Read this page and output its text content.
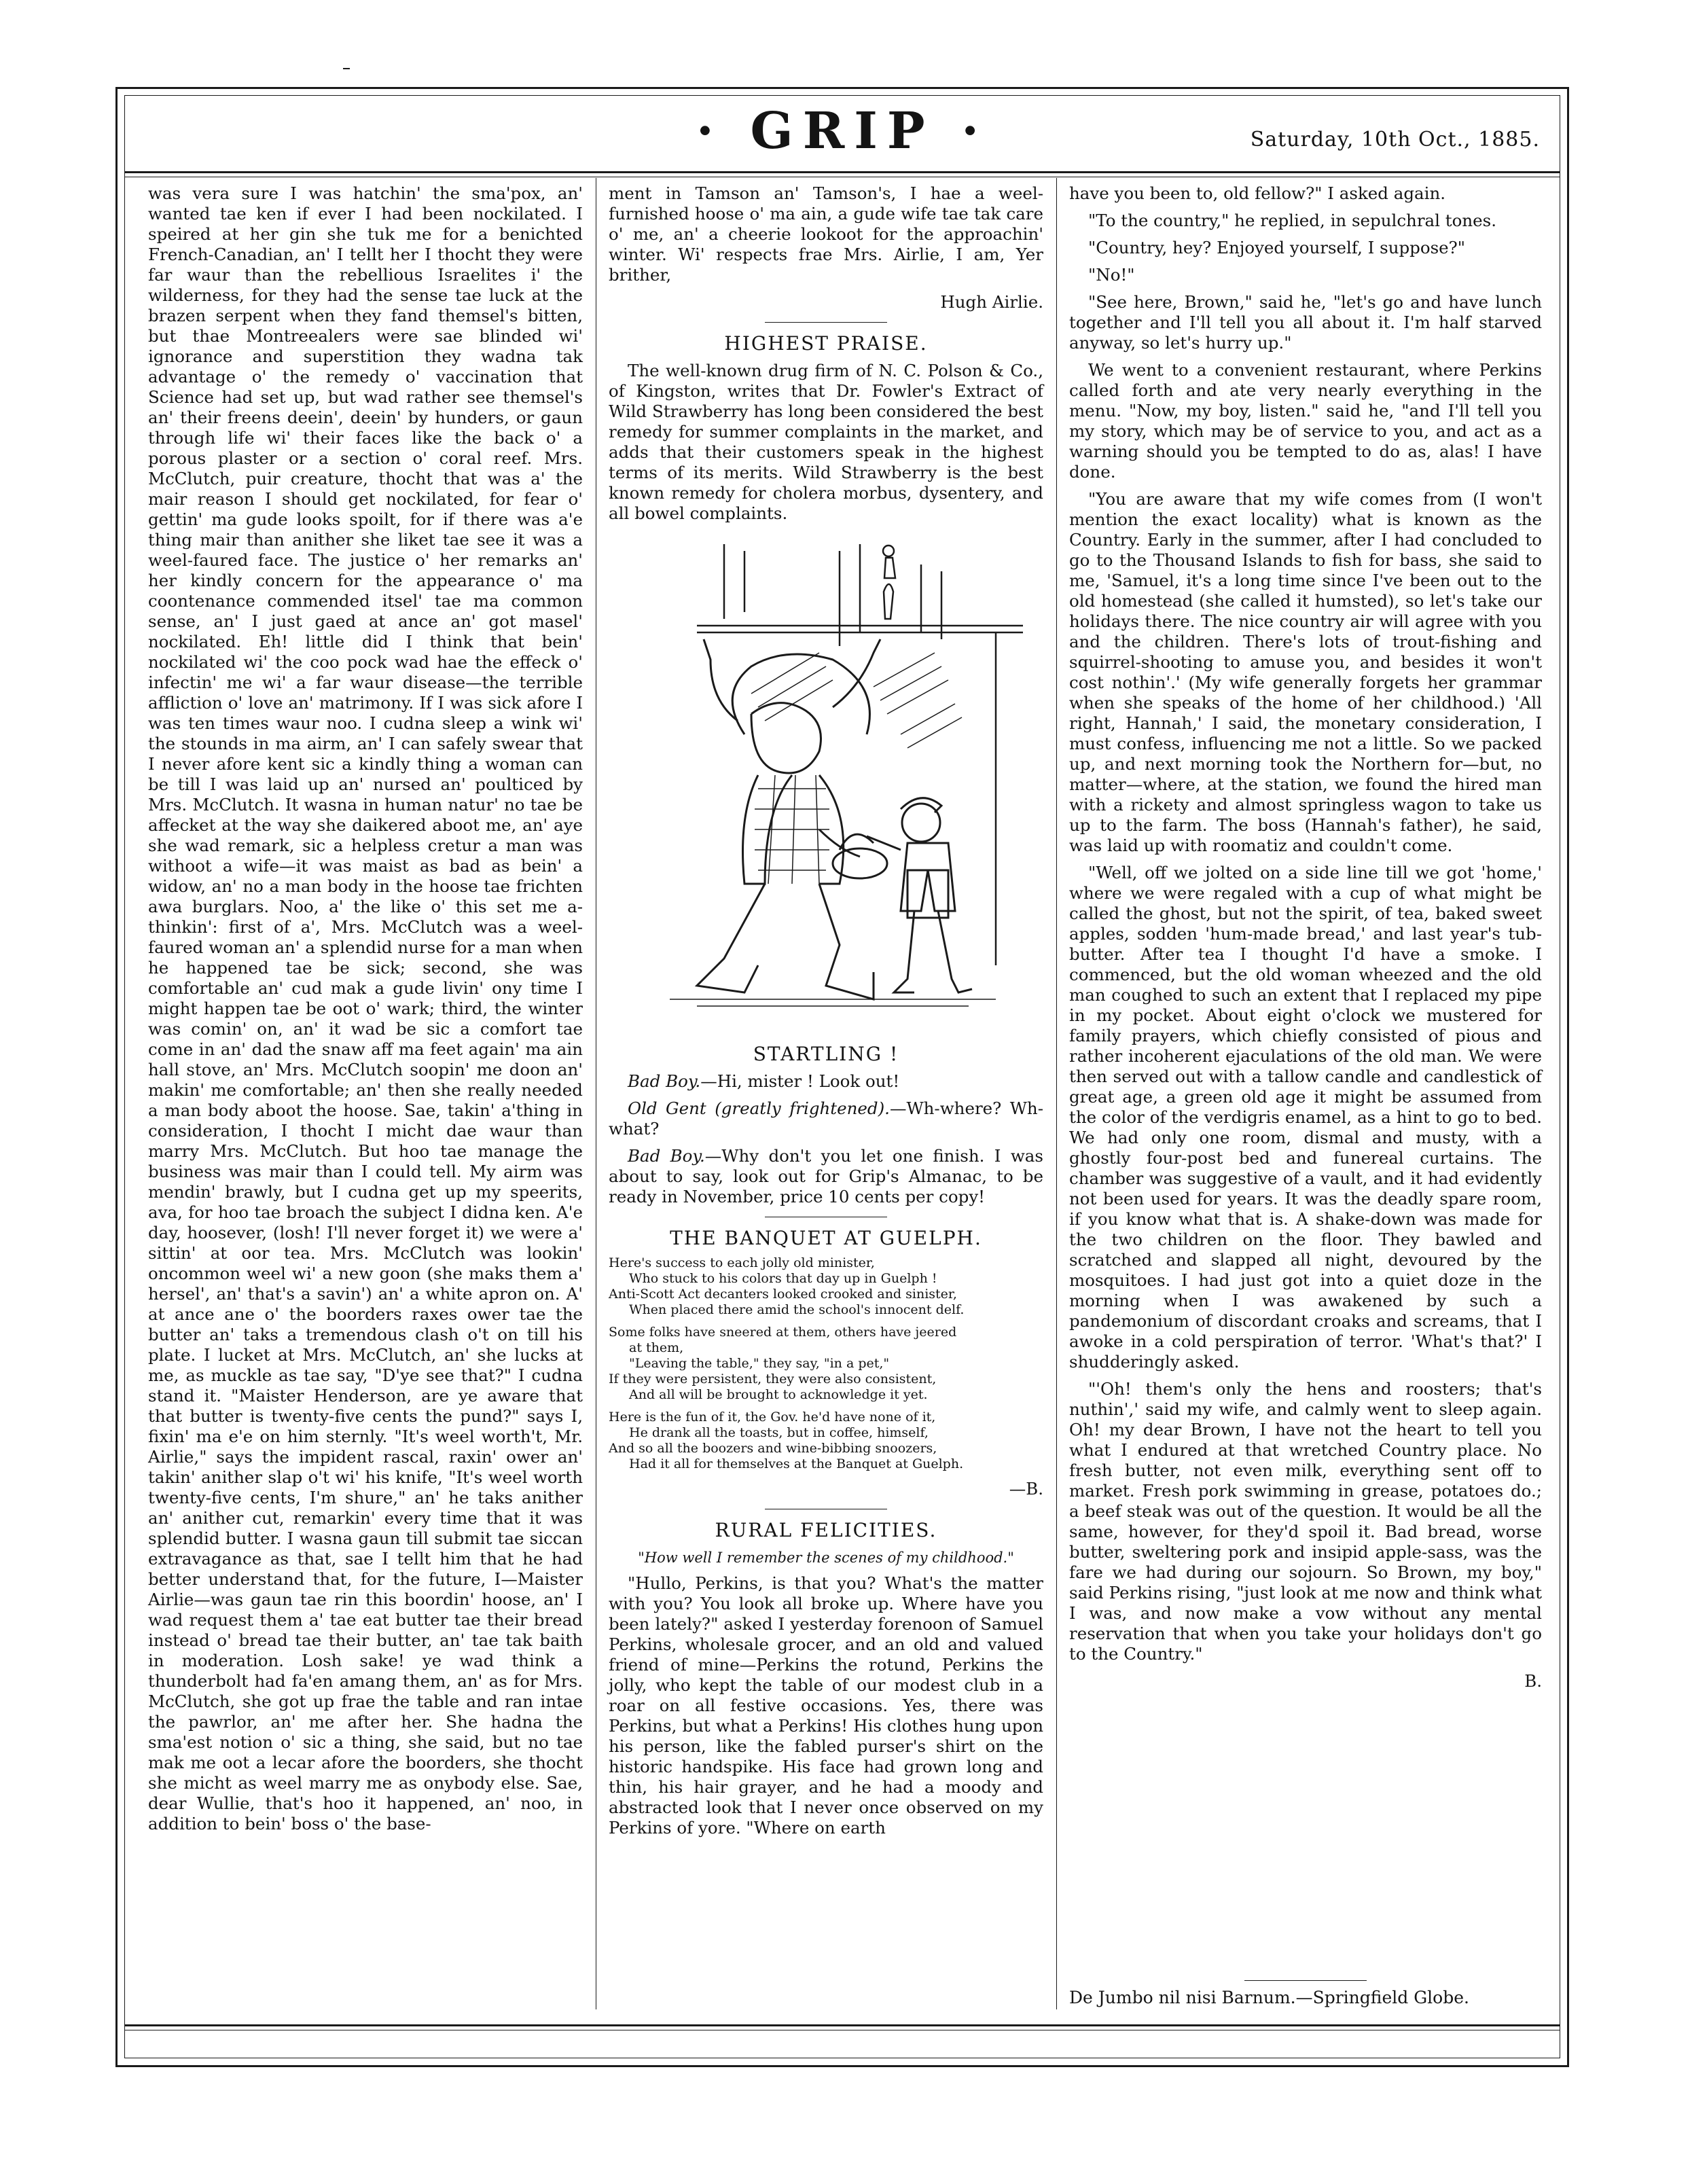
· GRIP ·	Saturday, 10th Oct., 1885.

was vera sure I was hatchin' the sma'pox, an' wanted tae ken if ever I had been nockilated. I speired at her gin she tuk me for a benichted French-Canadian, an' I tellt her I thocht they were far waur than the rebellious Israelites i' the wilderness, for they had the sense tae luck at the brazen serpent when they fand themsel's bitten, but thae Montreealers were sae blinded wi' ignorance and superstition they wadna tak advantage o' the remedy o' vaccination that Science had set up, but wad rather see themsel's an' their freens deein', deein' by hunders, or gaun through life wi' their faces like the back o' a porous plaster or a section o' coral reef. Mrs. McClutch, puir creature, thocht that was a' the mair reason I should get nockilated, for fear o' gettin' ma gude looks spoilt, for if there was a'e thing mair than anither she liket tae see it was a weel-faured face. The justice o' her remarks an' her kindly concern for the appearance o' ma coontenance commended itsel' tae ma common sense, an' I just gaed at ance an' got masel' nockilated. Eh! little did I think that bein' nockilated wi' the coo pock wad hae the effeck o' infectin' me wi' a far waur disease—the terrible affliction o' love an' matrimony. If I was sick afore I was ten times waur noo. I cudna sleep a wink wi' the stounds in ma airm, an' I can safely swear that I never afore kent sic a kindly thing a woman can be till I was laid up an' nursed an' poulticed by Mrs. McClutch. It wasna in human natur' no tae be affecket at the way she daikered aboot me, an' aye she wad remark, sic a helpless cretur a man was withoot a wife—it was maist as bad as bein' a widow, an' no a man body in the hoose tae frichten awa burglars. Noo, a' the like o' this set me a-thinkin': first of a', Mrs. McClutch was a weel-faured woman an' a splendid nurse for a man when he happened tae be sick; second, she was comfortable an' cud mak a gude livin' ony time I might happen tae be oot o' wark; third, the winter was comin' on, an' it wad be sic a comfort tae come in an' dad the snaw aff ma feet again' ma ain hall stove, an' Mrs. McClutch soopin' me doon an' makin' me comfortable; an' then she really needed a man body aboot the hoose. Sae, takin' a'thing in consideration, I thocht I micht dae waur than marry Mrs. McClutch. But hoo tae manage the business was mair than I could tell. My airm was mendin' brawly, but I cudna get up my speerits, ava, for hoo tae broach the subject I didna ken. A'e day, hoosever, (losh! I'll never forget it) we were a' sittin' at oor tea. Mrs. McClutch was lookin' oncommon weel wi' a new goon (she maks them a' hersel', an' that's a savin') an' a white apron on. A' at ance ane o' the boorders raxes ower tae the butter an' taks a tremendous clash o't on till his plate. I lucket at Mrs. McClutch, an' she lucks at me, as muckle as tae say, "D'ye see that?" I cudna stand it. "Maister Henderson, are ye aware that that butter is twenty-five cents the pund?" says I, fixin' ma e'e on him sternly. "It's weel worth't, Mr. Airlie," says the impident rascal, raxin' ower an' takin' anither slap o't wi' his knife, "It's weel worth twenty-five cents, I'm shure," an' he taks anither an' anither cut, remarkin' every time that it was splendid butter. I wasna gaun till submit tae siccan extravagance as that, sae I tellt him that he had better understand that, for the future, I—Maister Airlie—was gaun tae rin this boordin' hoose, an' I wad request them a' tae eat butter tae their bread instead o' bread tae their butter, an' tae tak baith in moderation. Losh sake! ye wad think a thunderbolt had fa'en amang them, an' as for Mrs. McClutch, she got up frae the table and ran intae the pawrlor, an' me after her. She hadna the sma'est notion o' sic a thing, she said, but no tae mak me oot a lecar afore the boorders, she thocht she micht as weel marry me as onybody else. Sae, dear Wullie, that's hoo it happened, an' noo, in addition to bein' boss o' the base-

ment in Tamson an' Tamson's, I hae a weel-furnished hoose o' ma ain, a gude wife tae tak care o' me, an' a cheerie lookoot for the approachin' winter. Wi' respects frae Mrs. Airlie, I am, Yer brither,

Hugh Airlie.
HIGHEST PRAISE.

The well-known drug firm of N. C. Polson & Co., of Kingston, writes that Dr. Fowler's Extract of Wild Strawberry has long been considered the best remedy for summer complaints in the market, and adds that their customers speak in the highest terms of its merits. Wild Strawberry is the best known remedy for cholera morbus, dysentery, and all bowel complaints.

STARTLING !

Bad Boy.—Hi, mister ! Look out!

Old Gent (greatly frightened).—Wh-where? Wh-what?

Bad Boy.—Why don't you let one finish. I was about to say, look out for Grip's Almanac, to be ready in November, price 10 cents per copy!

THE BANQUET AT GUELPH.
Here's success to each jolly old minister,
Who stuck to his colors that day up in Guelph !
Anti-Scott Act decanters looked crooked and sinister,
When placed there amid the school's innocent delf.
Some folks have sneered at them, others have jeered
at them,
"Leaving the table," they say, "in a pet,"
If they were persistent, they were also consistent,
And all will be brought to acknowledge it yet.
Here is the fun of it, the Gov. he'd have none of it,
He drank all the toasts, but in coffee, himself,
And so all the boozers and wine-bibbing snoozers,
Had it all for themselves at the Banquet at Guelph.
—B.
RURAL FELICITIES.
"How well I remember the scenes of my childhood."

"Hullo, Perkins, is that you? What's the matter with you? You look all broke up. Where have you been lately?" asked I yesterday forenoon of Samuel Perkins, wholesale grocer, and an old and valued friend of mine—Perkins the rotund, Perkins the jolly, who kept the table of our modest club in a roar on all festive occasions. Yes, there was Perkins, but what a Perkins! His clothes hung upon his person, like the fabled purser's shirt on the historic handspike. His face had grown long and thin, his hair grayer, and he had a moody and abstracted look that I never once observed on my Perkins of yore. "Where on earth

have you been to, old fellow?" I asked again.

"To the country," he replied, in sepulchral tones.

"Country, hey? Enjoyed yourself, I suppose?"

"No!"

"See here, Brown," said he, "let's go and have lunch together and I'll tell you all about it. I'm half starved anyway, so let's hurry up."

We went to a convenient restaurant, where Perkins called forth and ate very nearly everything in the menu. "Now, my boy, listen." said he, "and I'll tell you my story, which may be of service to you, and act as a warning should you be tempted to do as, alas! I have done.

"You are aware that my wife comes from (I won't mention the exact locality) what is known as the Country. Early in the summer, after I had concluded to go to the Thousand Islands to fish for bass, she said to me, 'Samuel, it's a long time since I've been out to the old homestead (she called it humsted), so let's take our holidays there. The nice country air will agree with you and the children. There's lots of trout-fishing and squirrel-shooting to amuse you, and besides it won't cost nothin'.' (My wife generally forgets her grammar when she speaks of the home of her childhood.) 'All right, Hannah,' I said, the monetary consideration, I must confess, influencing me not a little. So we packed up, and next morning took the Northern for—but, no matter—where, at the station, we found the hired man with a rickety and almost springless wagon to take us up to the farm. The boss (Hannah's father), he said, was laid up with roomatiz and couldn't come.

"Well, off we jolted on a side line till we got 'home,' where we were regaled with a cup of what might be called the ghost, but not the spirit, of tea, baked sweet apples, sodden 'hum-made bread,' and last year's tub-butter. After tea I thought I'd have a smoke. I commenced, but the old woman wheezed and the old man coughed to such an extent that I replaced my pipe in my pocket. About eight o'clock we mustered for family prayers, which chiefly consisted of pious and rather incoherent ejaculations of the old man. We were then served out with a tallow candle and candlestick of great age, a green old age it might be assumed from the color of the verdigris enamel, as a hint to go to bed. We had only one room, dismal and musty, with a ghostly four-post bed and funereal curtains. The chamber was suggestive of a vault, and it had evidently not been used for years. It was the deadly spare room, if you know what that is. A shake-down was made for the two children on the floor. They bawled and scratched and slapped all night, devoured by the mosquitoes. I had just got into a quiet doze in the morning when I was awakened by such a pandemonium of discordant croaks and screams, that I awoke in a cold perspiration of terror. 'What's that?' I shudderingly asked.

"'Oh! them's only the hens and roosters; that's nuthin',' said my wife, and calmly went to sleep again. Oh! my dear Brown, I have not the heart to tell you what I endured at that wretched Country place. No fresh butter, not even milk, everything sent off to market. Fresh pork swimming in grease, potatoes do.; a beef steak was out of the question. It would be all the same, however, for they'd spoil it. Bad bread, worse butter, sweltering pork and insipid apple-sass, was the fare we had during our sojourn. So Brown, my boy," said Perkins rising, "just look at me now and think what I was, and now make a vow without any mental reservation that when you take your holidays don't go to the Country."

B.
De Jumbo nil nisi Barnum.—Springfield Globe.
